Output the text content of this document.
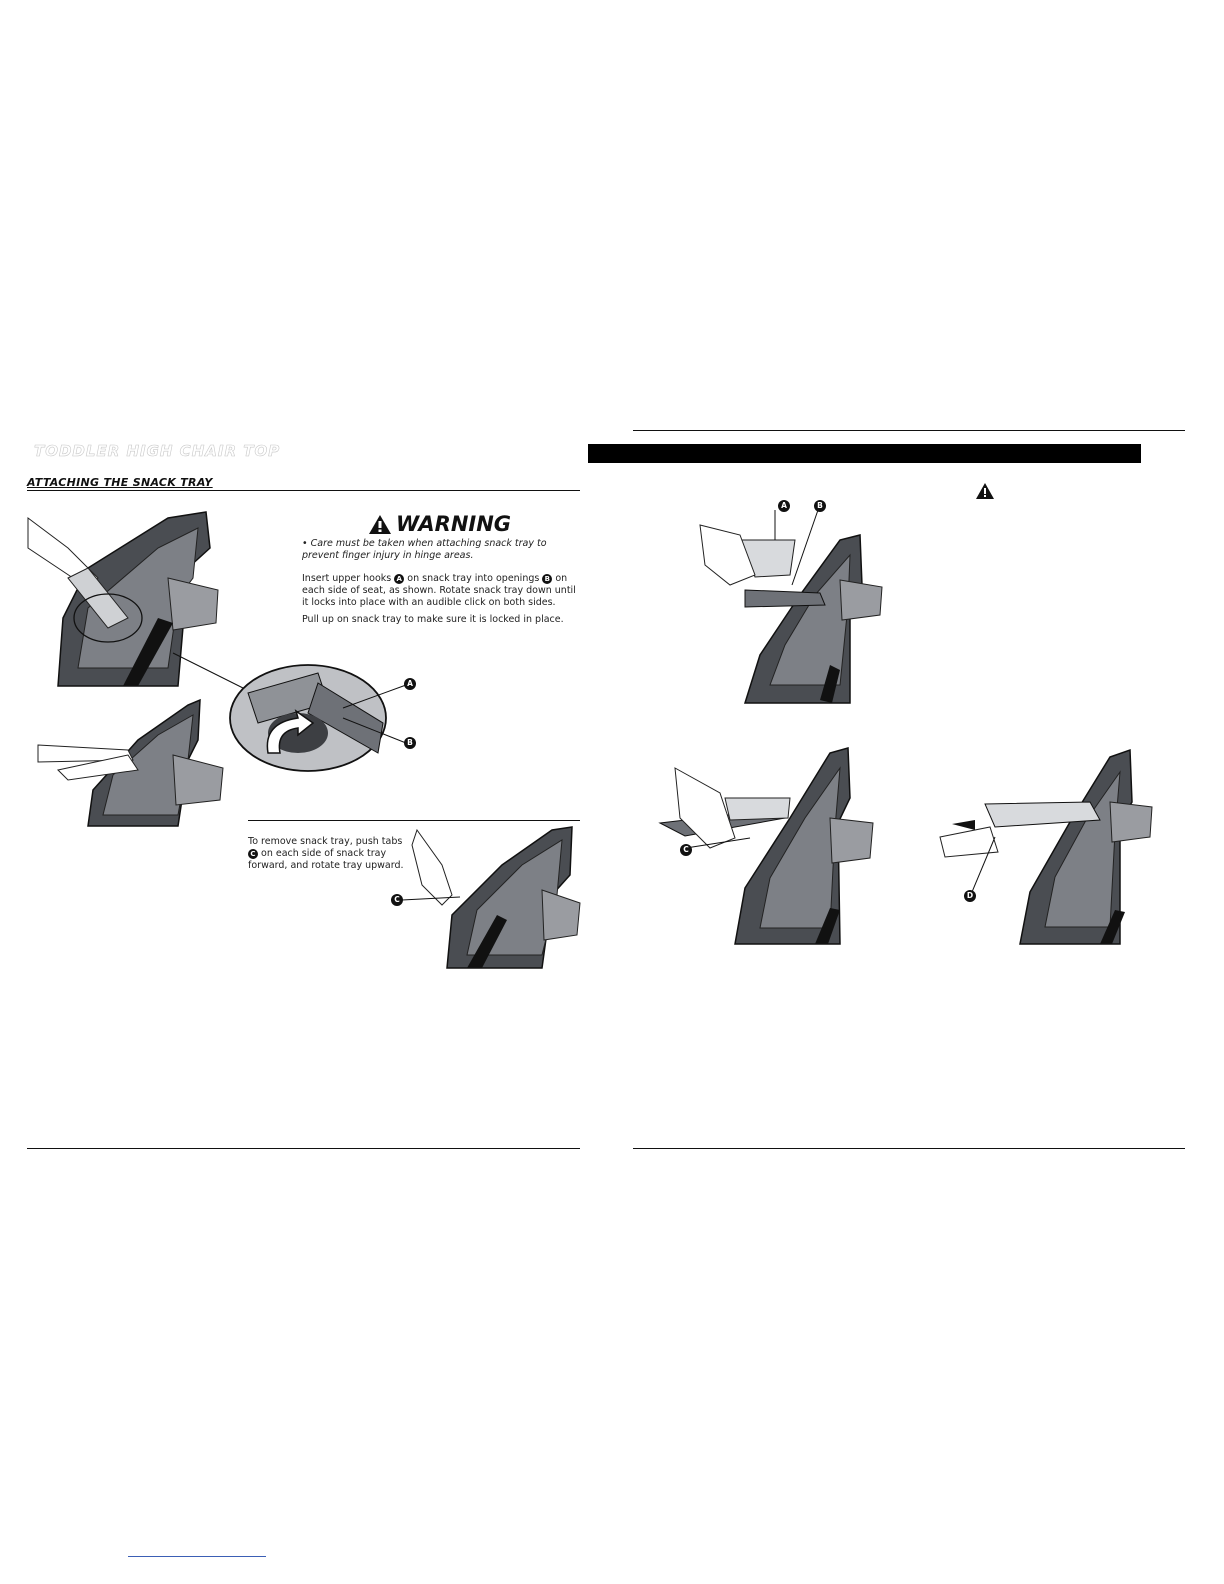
TODDLER HIGH CHAIR TOP
ATTACHING THE SNACK TRAY
WARNING
• Care must be taken when attaching snack tray to prevent finger injury in hinge areas.
Insert upper hooks A on snack tray into openings B on each side of seat, as shown. Rotate snack tray down until it locks into place with an audible click on both sides.
Pull up on snack tray to make sure it is locked in place.
To remove snack tray, push tabs C on each side of snack tray forward, and rotate tray upward.
A
B
C
A	B
C
D
